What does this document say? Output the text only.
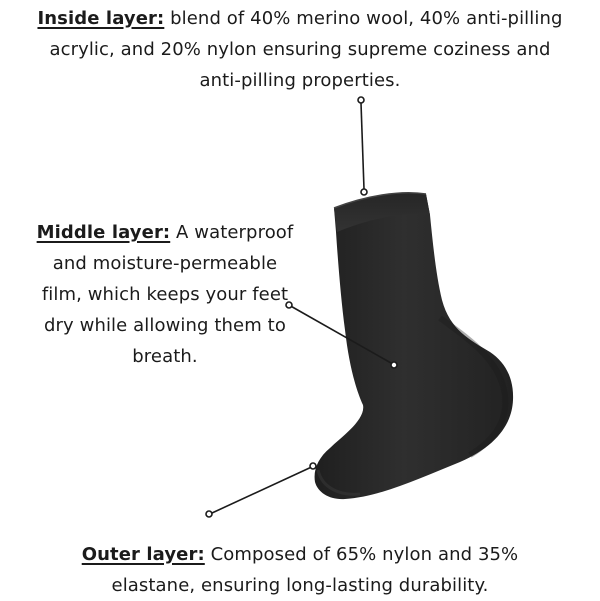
Inside layer: blend of 40% merino wool, 40% anti-pilling acrylic, and 20% nylon ensuring supreme coziness and anti-pilling properties.
Middle layer: A waterproof and moisture-permeable film, which keeps your feet dry while allowing them to breath.
Outer layer: Composed of 65% nylon and 35% elastane, ensuring long-lasting durability.
